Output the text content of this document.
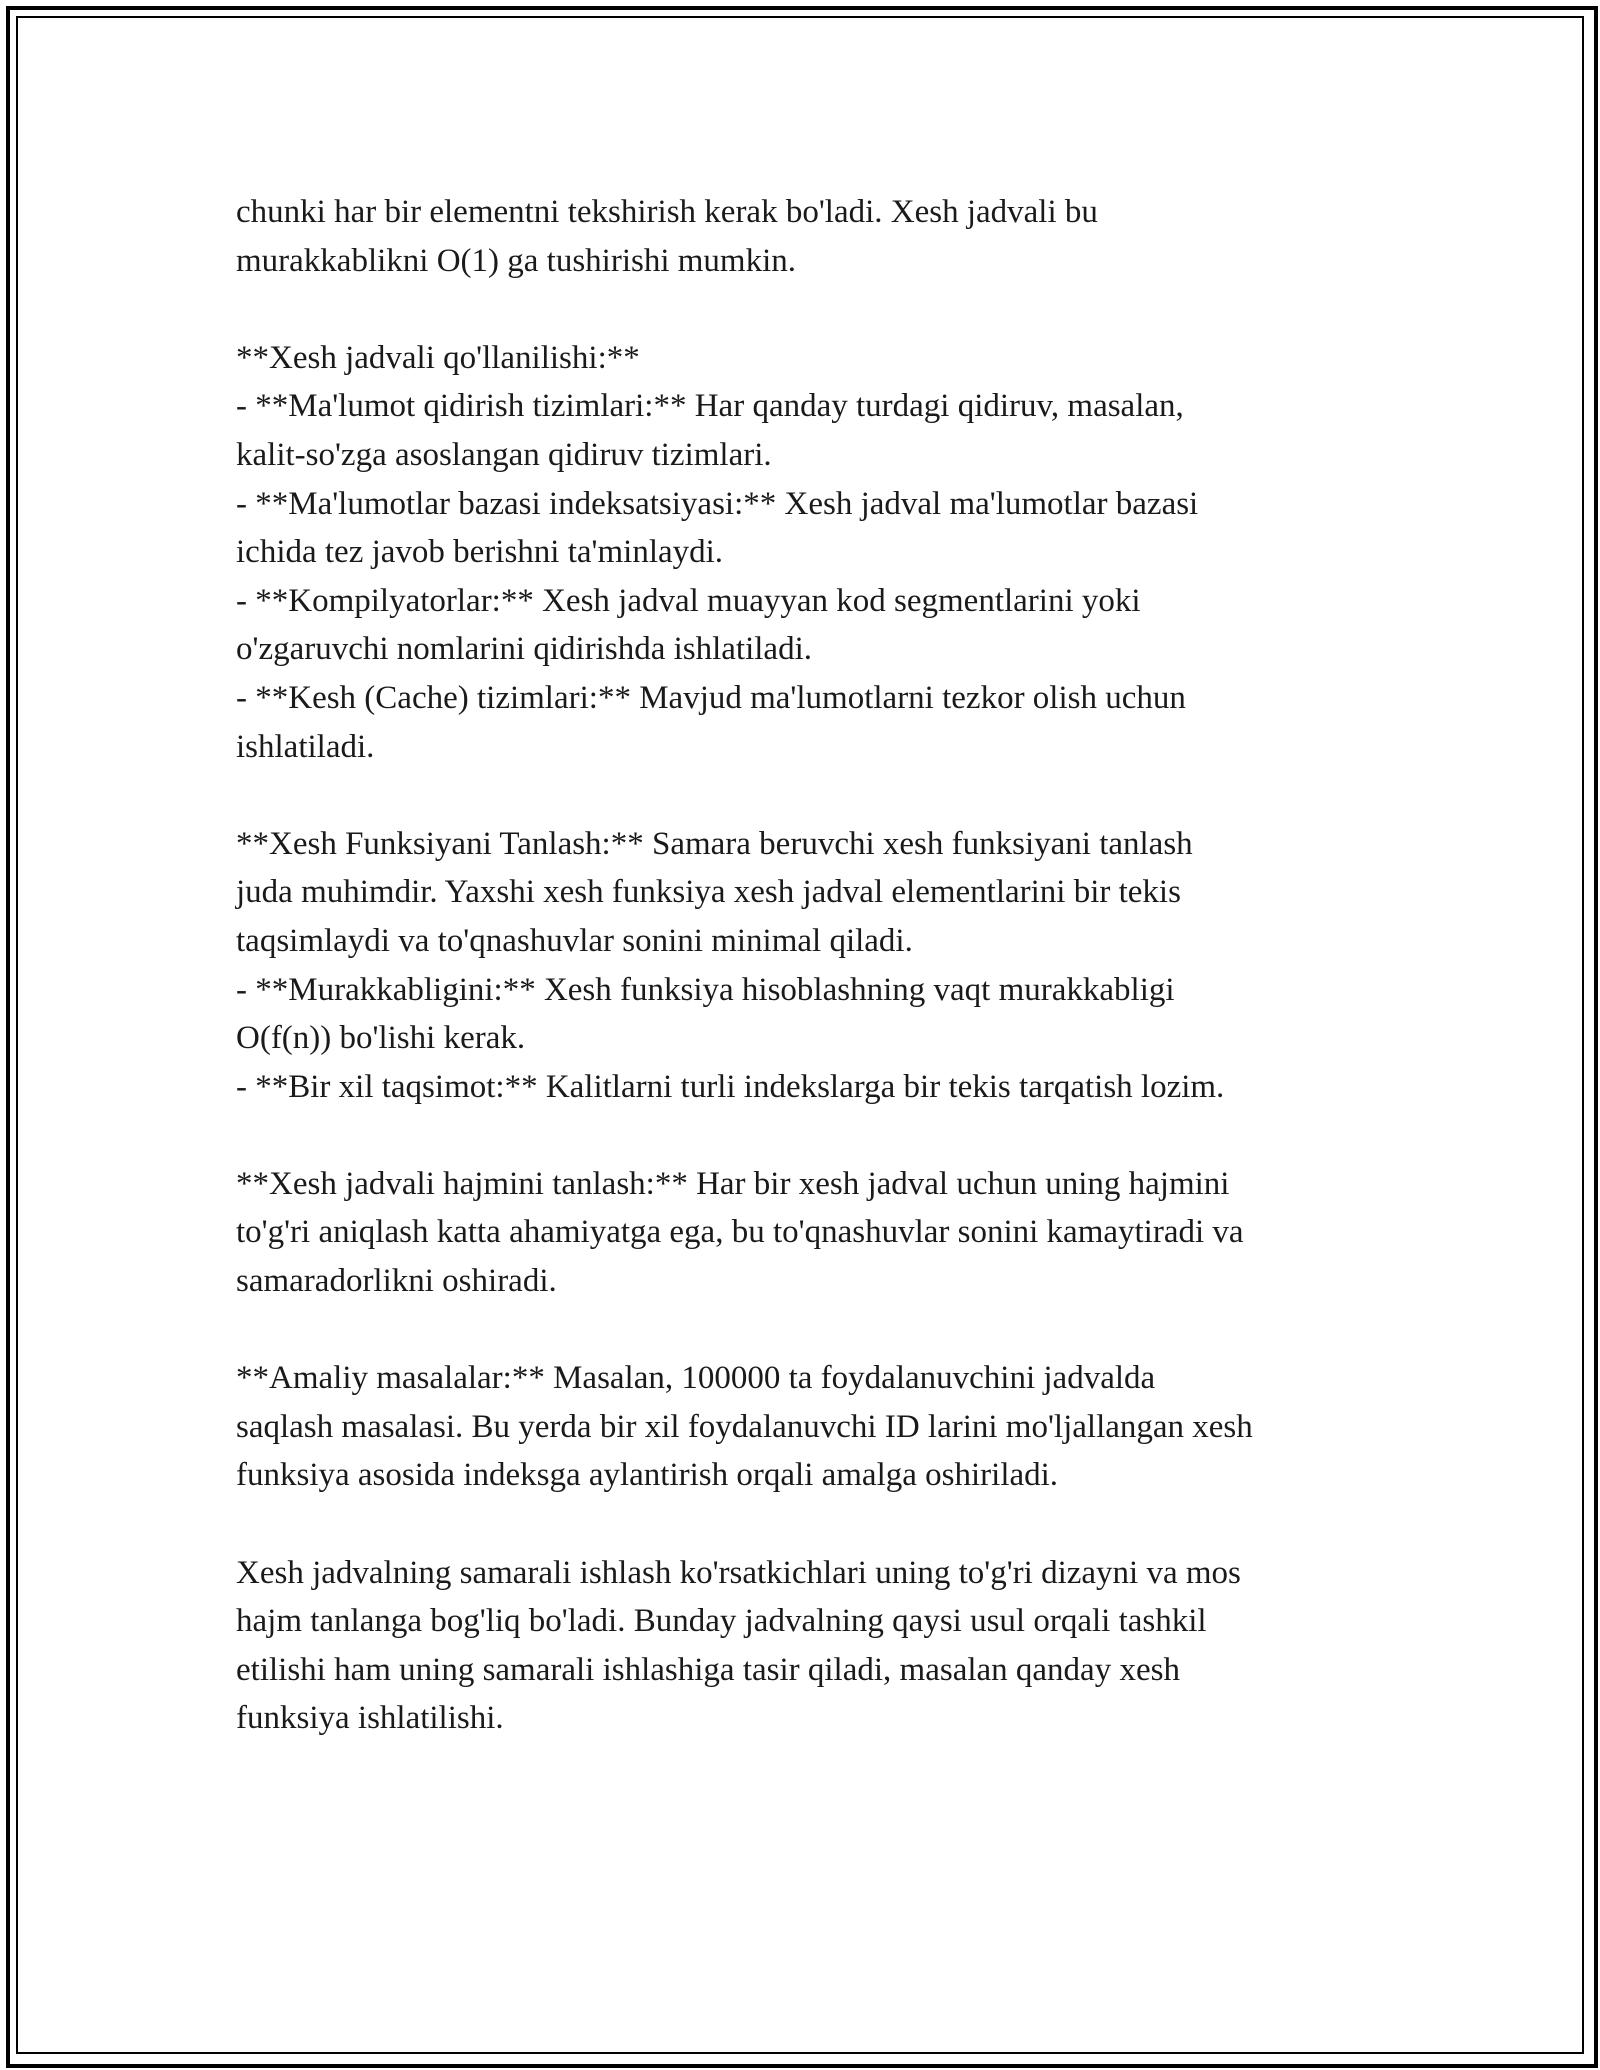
chunki har bir elementni tekshirish kerak bo'ladi. Xesh jadvali bu
murakkablikni O(1) ga tushirishi mumkin.
**Xesh jadvali qo'llanilishi:**
- **Ma'lumot qidirish tizimlari:** Har qanday turdagi qidiruv, masalan,
kalit-so'zga asoslangan qidiruv tizimlari.
- **Ma'lumotlar bazasi indeksatsiyasi:** Xesh jadval ma'lumotlar bazasi
ichida tez javob berishni ta'minlaydi.
- **Kompilyatorlar:** Xesh jadval muayyan kod segmentlarini yoki
o'zgaruvchi nomlarini qidirishda ishlatiladi.
- **Kesh (Cache) tizimlari:** Mavjud ma'lumotlarni tezkor olish uchun
ishlatiladi.
**Xesh Funksiyani Tanlash:** Samara beruvchi xesh funksiyani tanlash
juda muhimdir. Yaxshi xesh funksiya xesh jadval elementlarini bir tekis
taqsimlaydi va to'qnashuvlar sonini minimal qiladi.
- **Murakkabligini:** Xesh funksiya hisoblashning vaqt murakkabligi
O(f(n)) bo'lishi kerak.
- **Bir xil taqsimot:** Kalitlarni turli indekslarga bir tekis tarqatish lozim.
**Xesh jadvali hajmini tanlash:** Har bir xesh jadval uchun uning hajmini
to'g'ri aniqlash katta ahamiyatga ega, bu to'qnashuvlar sonini kamaytiradi va
samaradorlikni oshiradi.
**Amaliy masalalar:** Masalan, 100000 ta foydalanuvchini jadvalda
saqlash masalasi. Bu yerda bir xil foydalanuvchi ID larini mo'ljallangan xesh
funksiya asosida indeksga aylantirish orqali amalga oshiriladi.
Xesh jadvalning samarali ishlash ko'rsatkichlari uning to'g'ri dizayni va mos
hajm tanlanga bog'liq bo'ladi. Bunday jadvalning qaysi usul orqali tashkil
etilishi ham uning samarali ishlashiga tasir qiladi, masalan qanday xesh
funksiya ishlatilishi.
